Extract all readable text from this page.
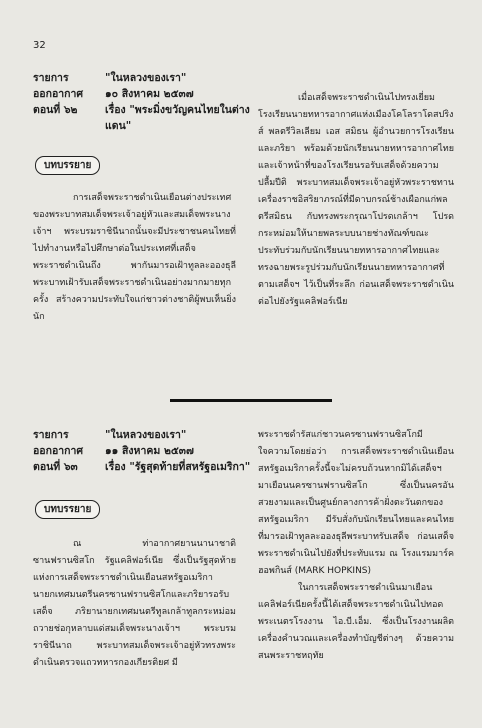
32
รายการ	"ในหลวงของเรา"
ออกอากาศ	๑๐ สิงหาคม ๒๕๓๗
ตอนที่ ๖๒	เรื่อง "พระมิ่งขวัญคนไทยในต่างแดน"
บทบรรยาย
การเสด็จพระราชดำเนินเยือนต่างประเทศ ของพระบาทสมเด็จพระเจ้าอยู่หัวและสมเด็จพระนางเจ้าฯ พระบรมราชินีนาถนั้นจะมีประชาชนคนไทยที่ไปทำงานหรือไปศึกษาต่อในประเทศที่เสด็จพระราชดำเนินถึง พากันมารอเฝ้าทูลละอองธุลีพระบาทเฝ้ารับเสด็จพระราชดำเนินอย่างมากมายทุกครั้ง สร้างความประทับใจแก่ชาวต่างชาติผู้พบเห็นยิ่งนัก
เมื่อเสด็จพระราชดำเนินไปทรงเยี่ยมโรงเรียนนายทหารอากาศแห่งเมืองโคโลราโดสปริงส์ พลตรีวิลเลียม เอส สมิธน ผู้อำนวยการโรงเรียนและภริยา พร้อมด้วยนักเรียนนายทหารอากาศไทยและเจ้าหน้าที่ของโรงเรียนรอรับเสด็จด้วยความปลื้มปีติ พระบาทสมเด็จพระเจ้าอยู่หัวพระราชทานเครื่องราชอิสริยาภรณ์ที่มีดาบกรณ์ช้างเผือกแก่พลตรีสมิธน กับทรงพระกรุณาโปรดเกล้าฯ โปรดกระหม่อมให้นายพลระบบนายช่างทัณฑ์ขณะประทับร่วมกับนักเรียนนายทหารอากาศไทยและทรงฉายพระรูปร่วมกับนักเรียนนายทหารอากาศที่ตามเสด็จฯ ไว้เป็นที่ระลึก ก่อนเสด็จพระราชดำเนินต่อไปยังรัฐแคลิฟอร์เนีย
รายการ	"ในหลวงของเรา"
ออกอากาศ	๑๑ สิงหาคม ๒๕๓๗
ตอนที่ ๖๓	เรื่อง "รัฐสุดท้ายที่สหรัฐอเมริกา"
บทบรรยาย
ณ ท่าอากาศยานนานาชาติซานฟรานซิสโก รัฐแคลิฟอร์เนีย ซึ่งเป็นรัฐสุดท้ายแห่งการเสด็จพระราชดำเนินเยือนสหรัฐอเมริกา นายกเทศมนตรีนครซานฟรานซิสโกและภริยารอรับเสด็จ ภริยานายกเทศมนตรีทูลเกล้าทูลกระหม่อมถวายช่อกุหลาบแด่สมเด็จพระนางเจ้าฯ พระบรมราชินีนาถ พระบาทสมเด็จพระเจ้าอยู่หัวทรงพระดำเนินตรวจแถวทหารกองเกียรติยศ มี

พระราชดำรัสแก่ชาวนครซานฟรานซิสโกมีใจความโดยย่อว่า การเสด็จพระราชดำเนินเยือนสหรัฐอเมริกาครั้งนี้จะไม่ครบถ้วนหากมิได้เสด็จฯ มาเยือนนครซานฟรานซิสโก ซึ่งเป็นนครอันสวยงามและเป็นศูนย์กลางการค้าฝั่งตะวันตกของสหรัฐอเมริกา มีรับสั่งกับนักเรียนไทยและคนไทยที่มารอเฝ้าทูลละอองธุลีพระบาทรับเสด็จ ก่อนเสด็จพระราชดำเนินไปยังที่ประทับแรม ณ โรงแรมมาร์ค ฮอพกินส์ (MARK HOPKINS)

ในการเสด็จพระราชดำเนินมาเยือนแคลิฟอร์เนียครั้งนี้ได้เสด็จพระราชดำเนินไปทอดพระเนตรโรงงาน ไอ.บี.เอ็ม. ซึ่งเป็นโรงงานผลิตเครื่องคำนวณและเครื่องทำบัญชีต่างๆ ด้วยความสนพระราชหฤทัย
